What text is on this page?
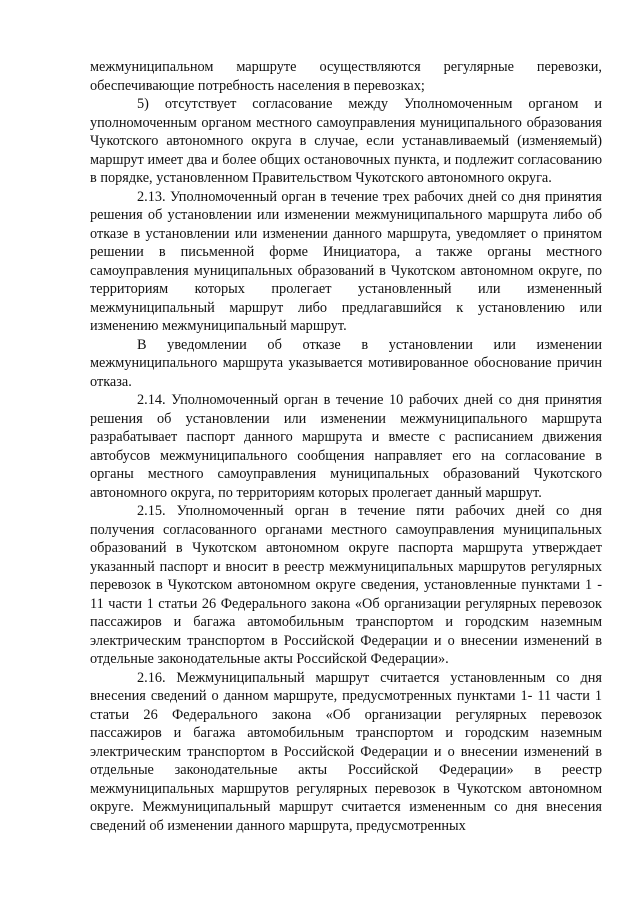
межмуниципальном маршруте осуществляются регулярные перевозки, обеспечивающие потребность населения в перевозках;

5) отсутствует согласование между Уполномоченным органом и уполномоченным органом местного самоуправления муниципального образования Чукотского автономного округа в случае, если устанавливаемый (изменяемый) маршрут имеет два и более общих остановочных пункта, и подлежит согласованию в порядке, установленном Правительством Чукотского автономного округа.

2.13. Уполномоченный орган в течение трех рабочих дней со дня принятия решения об установлении или изменении межмуниципального маршрута либо об отказе в установлении или изменении данного маршрута, уведомляет о принятом решении в письменной форме Инициатора, а также органы местного самоуправления муниципальных образований в Чукотском автономном округе, по территориям которых пролегает установленный или измененный межмуниципальный маршрут либо предлагавшийся к установлению или изменению межмуниципальный маршрут.

В уведомлении об отказе в установлении или изменении межмуниципального маршрута указывается мотивированное обоснование причин отказа.

2.14. Уполномоченный орган в течение 10 рабочих дней со дня принятия решения об установлении или изменении межмуниципального маршрута разрабатывает паспорт данного маршрута и вместе с расписанием движения автобусов межмуниципального сообщения направляет его на согласование в органы местного самоуправления муниципальных образований Чукотского автономного округа, по территориям которых пролегает данный маршрут.

2.15. Уполномоченный орган в течение пяти рабочих дней со дня получения согласованного органами местного самоуправления муниципальных образований в Чукотском автономном округе паспорта маршрута утверждает указанный паспорт и вносит в реестр межмуниципальных маршрутов регулярных перевозок в Чукотском автономном округе сведения, установленные пунктами 1 - 11 части 1 статьи 26 Федерального закона «Об организации регулярных перевозок пассажиров и багажа автомобильным транспортом и городским наземным электрическим транспортом в Российской Федерации и о внесении изменений в отдельные законодательные акты Российской Федерации».

2.16. Межмуниципальный маршрут считается установленным со дня внесения сведений о данном маршруте, предусмотренных пунктами 1- 11 части 1 статьи 26 Федерального закона «Об организации регулярных перевозок пассажиров и багажа автомобильным транспортом и городским наземным электрическим транспортом в Российской Федерации и о внесении изменений в отдельные законодательные акты Российской Федерации» в реестр межмуниципальных маршрутов регулярных перевозок в Чукотском автономном округе. Межмуниципальный маршрут считается измененным со дня внесения сведений об изменении данного маршрута, предусмотренных
